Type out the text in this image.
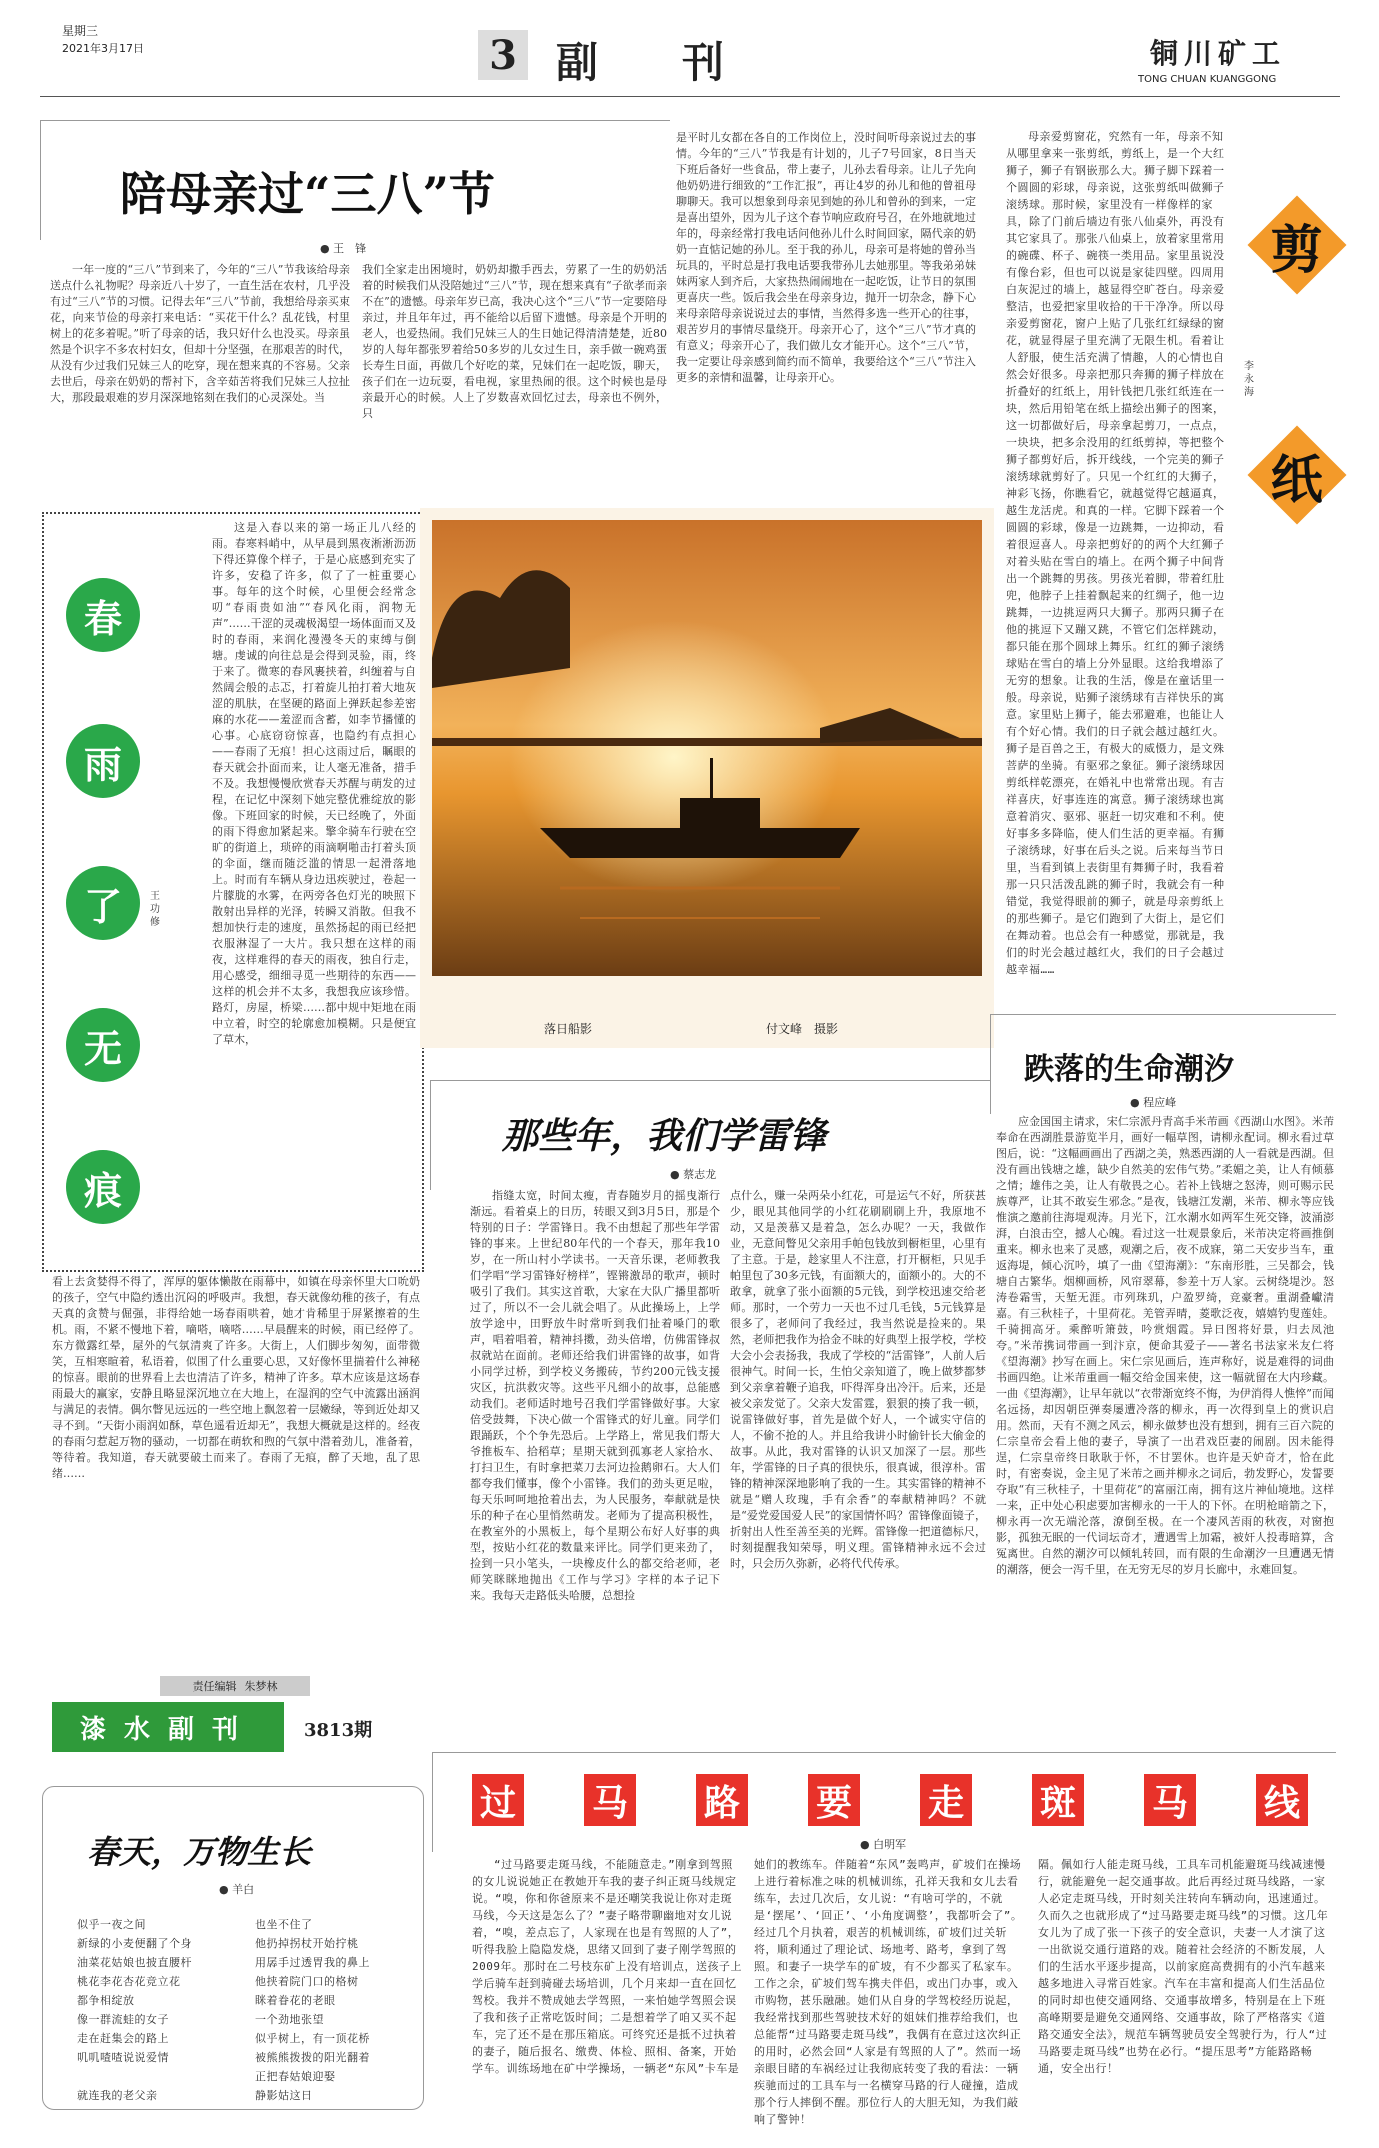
星期三
2021年3月17日	3 副　　刊	铜川矿工
TONG CHUAN KUANGGONG
陪母亲过“三八”节
● 王　锋
一年一度的“三八”节到来了，今年的“三八”节我该给母亲送点什么礼物呢？母亲近八十岁了，一直生活在农村，几乎没有过“三八”节的习惯。记得去年“三八”节前，我想给母亲买束花，向来节俭的母亲打来电话：“买花干什么？乱花钱，村里树上的花多着呢。”听了母亲的话，我只好什么也没买。母亲虽然是个识字不多农村妇女，但却十分坚强，在那艰苦的时代，从没有少过我们兄妹三人的吃穿，现在想来真的不容易。父亲去世后，母亲在奶奶的帮衬下，含辛茹苦将我们兄妹三人拉扯大，那段最艰难的岁月深深地铭刻在我们的心灵深处。当
我们全家走出困境时，奶奶却撒手西去，劳累了一生的奶奶活着的时候我们从没陪她过“三八”节，现在想来真有“子欲孝而亲不在”的遗憾。母亲年岁已高，我决心这个“三八”节一定要陪母亲过，并且年年过，再不能给以后留下遗憾。母亲是个开明的老人，也爱热闹。我们兄妹三人的生日她记得清清楚楚，近80岁的人每年都张罗着给50多岁的儿女过生日，亲手做一碗鸡蛋长寿生日面，再做几个好吃的菜，兄妹们在一起吃饭，聊天，孩子们在一边玩耍，看电视，家里热闹的很。这个时候也是母亲最开心的时候。人上了岁数喜欢回忆过去，母亲也不例外，只
是平时儿女都在各自的工作岗位上，没时间听母亲说过去的事情。今年的“三八”节我是有计划的，儿子7号回家，8日当天下班后备好一些食品，带上妻子，儿孙去看母亲。让儿子先向他奶奶进行细致的“工作汇报”，再让4岁的孙儿和他的曾祖母聊聊天。我可以想象到母亲见到她的孙儿和曾孙的到来，一定是喜出望外，因为儿子这个春节响应政府号召，在外地就地过年的，母亲经常打我电话问他孙儿什么时间回家，隔代亲的奶奶一直惦记她的孙儿。至于我的孙儿，母亲可是将她的曾孙当玩具的，平时总是打我电话要我带孙儿去她那里。等我弟弟妹妹两家人到齐后，大家热热闹闹地在一起吃饭，让节日的氛围更喜庆一些。饭后我会坐在母亲身边，抛开一切杂念，静下心来母亲陪母亲说说过去的事情，当然得多选一些开心的往事，艰苦岁月的事情尽量绕开。母亲开心了，这个“三八”节才真的有意义；母亲开心了，我们做儿女才能开心。这个“三八”节，我一定要让母亲感到简约而不简单，我要给这个“三八”节注入更多的亲情和温馨，让母亲开心。
母亲爱剪窗花，究然有一年，母亲不知从哪里拿来一张剪纸，剪纸上，是一个大红狮子，狮子有钢嵌那么大。狮子脚下踩着一个圆圆的彩球，母亲说，这张剪纸叫做狮子滚绣球。那时候，家里没有一样像样的家具，除了门前后墙边有张八仙桌外，再没有其它家具了。那张八仙桌上，放着家里常用的碗碟、杯子、碗筷一类用品。家里虽说没有像台彩，但也可以说是家徒四壁。四周用白灰泥过的墙上，越显得空旷苍白。母亲爱整洁，也爱把家里收拾的干干净净。所以母亲爱剪窗花，窗户上贴了几张红红绿绿的窗花，就显得屋子里充满了无限生机。看着让人舒服，使生活充满了情趣，人的心情也自然会好很多。母亲把那只奔狮的狮子样放在折叠好的红纸上，用针钱把几张红纸连在一块，然后用铅笔在纸上描绘出狮子的图案，这一切都做好后，母亲拿起剪刀，一点点，一块块，把多余没用的红纸剪掉，等把整个狮子都剪好后，拆开线线，一个完美的狮子滚绣球就剪好了。只见一个红红的大狮子，神彩飞扬，你瞧看它，就越觉得它越逼真，越生龙活虎。和真的一样。它脚下踩着一个圆圆的彩球，像是一边跳舞，一边抑动，看着很逗喜人。母亲把剪好的的两个大红狮子对着头贴在雪白的墙上。在两个狮子中间背出一个跳舞的男孩。男孩光着脚，带着红肚兜，他脖子上挂着飘起来的红绸子，他一边跳舞，一边挑逗两只大狮子。那两只狮子在他的挑逗下又蹦又跳，不管它们怎样跳动，都只能在那个圆球上舞乐。红红的狮子滚绣球贴在雪白的墙上分外显眼。这给我增添了无穷的想象。让我的生活，像是在童话里一般。母亲说，贴狮子滚绣球有吉祥快乐的寓意。家里贴上狮子，能去邪避难，也能让人有个好心情。我们的日子就会越过越红火。狮子是百兽之王，有极大的威慑力，是文殊菩萨的坐骑。有驱邪之象征。狮子滚绣球因剪纸样乾漂亮，在婚礼中也常常出现。有吉祥喜庆，好事连连的寓意。狮子滚绣球也寓意着消灾、驱邪、驱赶一切灾难和不利。使好事多多降临，使人们生活的更幸福。有狮子滚绣球，好事在后头之说。后来每当节日里，当看到镇上表街里有舞狮子时，我看着那一只只活泼乱跳的狮子时，我就会有一种错觉，我觉得眼前的狮子，就是母亲剪纸上的那些狮子。是它们跑到了大街上，是它们在舞动着。也总会有一种感觉，那就是，我们的时光会越过越红火，我们的日子会越过越幸福……
剪
纸
李永海
春
雨
了
无
痕
王功修
这是入春以来的第一场正儿八经的雨。春寒料峭中，从早晨到黑夜淅淅沥沥下得还算像个样子，于是心底感到充实了许多，安稳了许多，似了了一桩重要心事。每年的这个时候，心里便会经常念叨“春雨贵如油”“春风化雨，润物无声”……干涩的灵魂极渴望一场体面而又及时的春雨，来润化漫漫冬天的束缚与倒塘。虔诚的向往总是会得到灵验，雨，终于来了。微寒的春风裹挟着，纠缠着与自然阔会般的忐忑，打着旋儿拍打着大地灰涩的肌肤，在坚硬的路面上弹跃起参差密麻的水花——羞涩而含蓄，如李节播懂的心事。心底窃窃惊喜，也隐约有点担心——春雨了无痕！担心这雨过后，瞩眼的春天就会扑面而来，让人毫无准备，措手不及。我想慢慢欣赏春天苏醒与萌发的过程，在记忆中深刻下她完整优雅绽放的影像。下班回家的时候，天已经晚了，外面的雨下得愈加紧起来。擎伞骑车行驶在空旷的街道上，琐碎的雨滴啊啪击打着头顶的伞面，继而随泛滥的情思一起滑落地上。时而有车辆从身边迅疾驶过，卷起一片朦胧的水雾，在两旁各色灯光的映照下散射出异样的光泽，转瞬又消散。但我不想加快行走的速度，虽然扬起的雨已经把衣服淋湿了一大片。我只想在这样的雨夜，这样难得的春天的雨夜，独自行走，用心感受，细细寻觅一些期待的东西——这样的机会并不太多，我想我应该珍惜。路灯，房屋，桥梁……都中规中矩地在雨中立着，时空的轮廓愈加模糊。只是便宜了草木，
看上去贪婪得不得了，浑厚的躯体懒散在雨幕中，如镇在母亲怀里大口吮奶的孩子，空气中隐约透出沉闷的呼吸声。我想，春天就像幼稚的孩子，有点天真的贪赞与倔强，非得给她一场春雨哄着，她才肯稀里于屏紧擦着的生机。雨，不紧不慢地下着，嘀嗒，嘀嗒……早晨醒来的时候，雨已经停了。东方微露红晕，屋外的气氛清爽了许多。大街上，人们脚步匆匆，面带微笑，互相寒暄着，私语着，似围了什么重要心思，又好像怀里揣着什么神秘的惊喜。眼前的世界看上去也清洁了许多，精神了许多。草木应该是这场春雨最大的赢家，安静且略显深沉地立在大地上，在湿润的空气中流露出涵润与满足的表情。偶尔瞥见远远的一些空地上飘忽着一层嫩绿，等到近处却又寻不到。“天街小雨润如酥，草色遥看近却无”，我想大概就是这样的。经夜的春雨匀惹起万物的骚动，一切都在萌软和煦的气氛中潜着劲儿，准备着，等待着。我知道，春天就要破土而来了。春雨了无痕，醉了天地，乱了思绪……
落日船影	付文峰　摄影
那些年，我们学雷锋
● 蔡志龙
指缝太宽，时间太瘦，青春随岁月的摇曳渐行渐远。看着桌上的日历，转眼又到3月5日，那是个特别的日子：学雷锋日。我不由想起了那些年学雷锋的事来。上世纪80年代的一个春天，那年我10岁，在一所山村小学读书。一天音乐课，老师教我们学唱“学习雷锋好榜样”，铿锵激昂的歌声，顿时吸引了我们。其实这首歌，大家在大队广播里都听过了，所以不一会儿就会唱了。从此操场上，上学放学途中，田野放牛时常听到我们扯着嗓门的歌声，唱着唱着，精神抖擞，劲头倍增，仿佛雷锋叔叔就站在面前。老师还给我们讲雷锋的故事，如背小同学过桥，到学校义务搬砖，节约200元钱支援灾区，抗洪救灾等。这些平凡细小的故事，总能感动我们。老师适时地号召我们学雷锋做好事。大家倍受鼓舞，下决心做一个雷锋式的好儿童。同学们跟踊跃，个个争先恐后。上学路上，常见我们帮大爷推板车、拾稻草；星期天就到孤寡老人家拾水、打扫卫生，有时拿把菜刀去河边捡鹅卵石。大人们都夸我们懂事，像个小雷锋。我们的劲头更足啦，每天乐呵呵地抢着出去，为人民服务，奉献就是快乐的种子在心里悄然萌发。老师为了提高积极性，在教室外的小黑板上，每个星期公布好人好事的典型，按贴小红花的数量来评比。同学们更来劲了，捡到一只小笔头，一块橡皮什么的都交给老师，老师笑眯眯地抛出《工作与学习》字样的本子记下来。我每天走路低头哈腰，总想捡
点什么，赚一朵两朵小红花，可是运气不好，所获甚少，眼见其他同学的小红花刷刷刷上升，我原地不动，又是羡慕又是着急，怎么办呢？一天，我做作业，无意间瞥见父亲用手帕包钱放到橱柜里，心里有了主意。于是，趁家里人不注意，打开橱柜，只见手帕里包了30多元钱，有面额大的，面额小的。大的不敢拿，就拿了张小面额的5元钱，到学校迅速交给老师。那时，一个劳力一天也不过几毛钱，5元钱算是很多了，老师问了我经过，我当然说是捡来的。果然，老师把我作为拾金不昧的好典型上报学校，学校大会小会表扬我，我成了学校的“活雷锋”，人前人后很神气。时间一长，生怕父亲知道了，晚上做梦都梦到父亲拿着鞭子追我，吓得浑身出冷汗。后来，还是被父亲发觉了。父亲大发雷霆，狠狠的揍了我一顿，说雷锋做好事，首先是做个好人，一个诚实守信的人，不偷不抢的人。并且给我讲小时偷针长大偷金的故事。从此，我对雷锋的认识又加深了一层。那些年，学雷锋的日子真的很快乐，很真诚，很淳朴。雷锋的精神深深地影响了我的一生。其实雷锋的精神不就是“赠人玫瑰，手有余香”的奉献精神吗？不就是“爱党爱国爱人民”的家国情怀吗？雷锋像面镜子，折射出人性至善至美的光辉。雷锋像一把道德标尺，时刻提醒我知荣辱，明义理。雷锋精神永远不会过时，只会历久弥新，必将代代传承。
跌落的生命潮汐
● 程应峰
应金国国主请求，宋仁宗派丹青高手米芾画《西湖山水图》。米芾奉命在西湖胜景游览半月，画好一幅草图，请柳永配词。柳永看过草图后，说：“这幅画画出了西湖之美，熟悉西湖的人一看就是西湖。但没有画出钱塘之雄，缺少自然美的宏伟气势。”柔媚之美，让人有倾慕之情；雄伟之美，让人有敬畏之心。若补上钱塘之怒涛，则可赐示民族尊严，让其不敢妄生邪念。”是夜，钱塘江发潮，米芾、柳永等应钱惟演之邀前往海堤观涛。月光下，江水潮水如两军生死交锋，波涌澎湃，白浪击空，撼人心魄。看过这一壮观景象后，米芾决定将画推倒重来。柳永也来了灵感，观潮之后，夜不成寐，第二天安步当车，重返海堤，倾心沉吟，填了一曲《望海潮》：“东南形胜，三吴都会，钱塘自古繁华。烟柳画桥，风帘翠幕，参差十万人家。云树绕堤沙。怒涛卷霜雪，天堑无涯。市列珠玑，户盈罗绮，竞豪奢。重湖叠巘清嘉。有三秋桂子，十里荷花。羌管弄晴，菱歌泛夜，嬉嬉钓叟莲娃。千骑拥高牙。乘醉听箫鼓，吟赏烟霞。异日图将好景，归去凤池夸。”米芾携词带画一到汴京，便命其爱子——著名书法家米友仁将《望海潮》抄写在画上。宋仁宗见画后，连声称好，说是难得的词曲书画四绝。让米芾重画一幅交给金国来使，这一幅就留在大内珍藏。一曲《望海潮》，让早年就以“衣带渐宽终不悔，为伊消得人憔悴”而闻名远扬，却因朝臣弹奏屡遭冷落的柳永，再一次得到皇上的赏识启用。然而，天有不测之风云，柳永做梦也没有想到，拥有三百六院的仁宗皇帝会看上他的妻子，导演了一出君戏臣妻的闹剧。因未能得逞，仁宗皇帝终日耿耿于怀，不甘罢休。也许是天妒奇才，恰在此时，有密奏说，金主见了米芾之画并柳永之词后，勃发野心，发誓要夺取“有三秋桂子，十里荷花”的富丽江南，拥有这片神仙境地。这样一来，正中处心积虑要加害柳永的一干人的下怀。在明枪暗箭之下，柳永再一次无端沦落，潦倒至极。在一个凄风苦雨的秋夜，对窗抱影，孤独无眠的一代词坛奇才，遭遇雪上加霜，被奸人投毒暗算，含冤离世。自然的潮汐可以倾轧转回，而有限的生命潮汐一旦遭遇无情的潮落，便会一泻千里，在无穷无尽的岁月长廊中，永难回复。
责任编辑 朱梦林
漆水副刊	3813期
春天，万物生长
● 羊白
似乎一夜之间
新绿的小麦便翻了个身
油菜花姑娘也披直腰杆
桃花李花杏花竞立花
都争相绽放
像一群流蛙的女子
走在赶集会的路上
叽叽喳喳说说爱情
就连我的老父亲
也坐不住了
他扔掉拐杖开始拧桃
用孱手过透胃我的鼻上
他挟着院门口的格树
眯着眷花的老眼
一个劲地张望
似乎树上，有一顶花桥
被熊熊拨拨的阳光翻着
正把春姑娘迎娶
静影姑这日
过 马 路 要 走 斑 马 线
● 白明军
“过马路要走斑马线，不能随意走。”刚拿到驾照的女儿说说她正在教她开车我的妻子纠正斑马线规定说。“嗅，你和你爸原来不是还嘲笑我说让你对走斑马线，今天这是怎么了？”妻子略带聊幽地对女儿说着，“嗅，差点忘了，人家现在也是有驾照的人了”，听得我脸上隐隐发烧，思绪又回到了妻子刚学驾照的2009年。那时在二号枝东矿上没有培训点，送孩子上学后骑车赶到骑碰去场培训，几个月来却一直在回忆驾校。我并不赞成她去学驾照，一来怕她学驾照会误了我和孩子正常吃饭时间；二是想着学了咱又买不起车，完了还不是在那压箱底。可终究还是抵不过执着的妻子，随后报名、缴费、体检、照相、备案，开始学车。训练场地在矿中学操场，一辆老“东风”卡车是
她们的教练车。伴随着“东风”轰鸣声，矿坡们在操场上进行着标准之味的机械训练，孔祥天我和女儿去看练车，去过几次后，女儿说：“有啥可学的，不就是‘摆尾’、‘回正’、‘小角度调整’，我都听会了”。经过几个月执着，艰苦的机械训练，矿坡们过关斩将，顺利通过了理论试、场地考、路考，拿到了驾照。和妻子一块学车的矿坡，有不少都买了私家车。工作之余，矿坡们驾车携夫伴侣，或出门办事，或入市购物，甚乐融融。她们从自身的学驾校经历说起，我经常找到那些驾驶技术好的姐妹们推荐给我们，也总能帮“过马路要走斑马线”，我偶有在意过这次纠正的用时，必然会回“人家是有驾照的人了”。然而一场亲眼目睹的车祸经过让我彻底转变了我的看法：一辆疾驰而过的工具车与一名横穿马路的行人碰撞，造成那个行人摔倒不醒。那位行人的大胆无知，为我们敲响了警钟！
隔。佩如行人能走斑马线，工具车司机能避斑马线减速慢行，就能避免一起交通事故。此后再经过斑马线路，一家人必定走斑马线，开时刻关注转向车辆动向，迅速通过。久而久之也就形成了“过马路要走斑马线”的习惯。这几年女儿为了成了张一下孩子的安全意识，夫妻一人才演了这一出欲说交通行道路的戏。随着社会经济的不断发展，人们的生活水平逐步提高，以前家庭高费拥有的小汽车越来越多地进入寻常百姓家。汽车在丰富和提高人们生活品位的同时却也使交通网络、交通事故增多，特别是在上下班高峰期要是避免交通网络、交通事故，除了严格落实《道路交通安全法》，规范车辆驾驶员安全驾驶行为，行人“过马路要走斑马线”也势在必行。“提压思考”方能路路畅通，安全出行！
